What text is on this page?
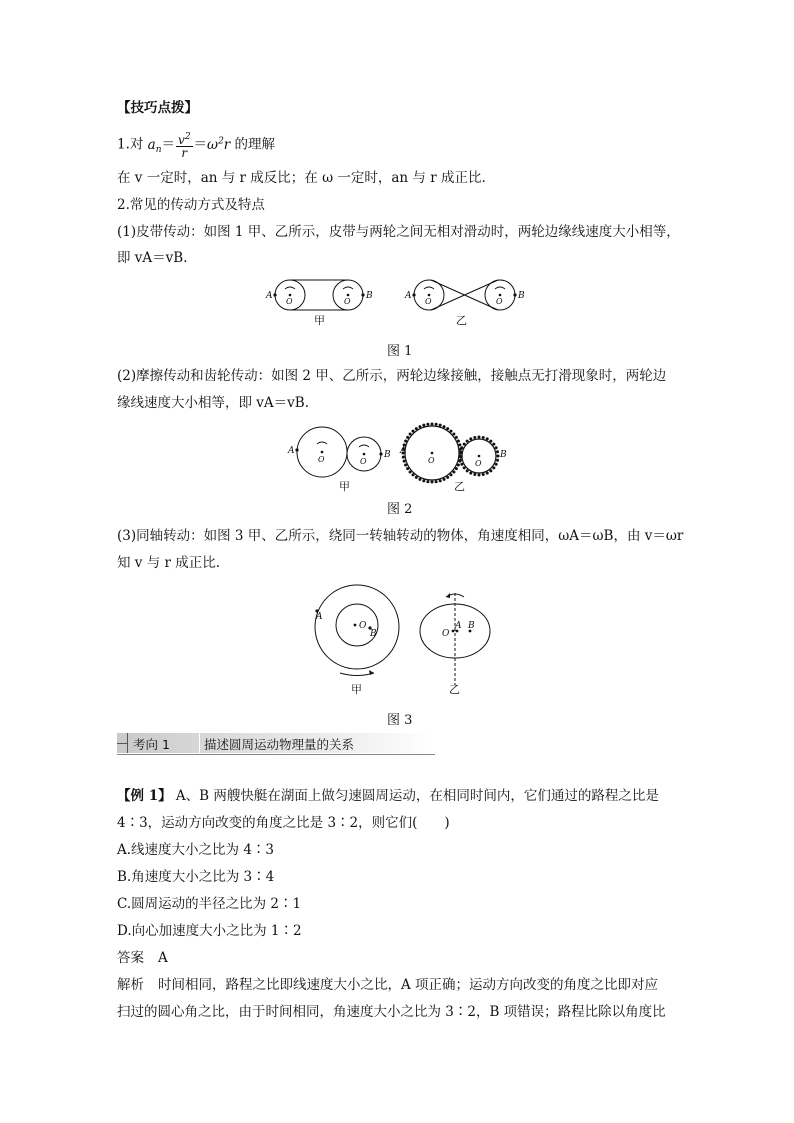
【技巧点拨】
1.对 $a_n= \frac{v^2}{r} =\omega^2r$ 的理解
在 v 一定时，an 与 r 成反比；在 ω 一定时，an 与 r 成正比.
2.常见的传动方式及特点
(1)皮带传动：如图 1 甲、乙所示，皮带与两轮之间无相对滑动时，两轮边缘线速度大小相等，
即 vA＝vB.
A	B	A	B
O	O	O	O
甲	乙
图 1
(2)摩擦传动和齿轮传动：如图 2 甲、乙所示，两轮边缘接触，接触点无打滑现象时，两轮边
缘线速度大小相等，即 vA＝vB.
A	B A	B
O	O	O	O
甲	乙
图 2
(3)同轴转动：如图 3 甲、乙所示，绕同一转轴转动的物体，角速度相同，ωA＝ωB，由 v＝ωr
知 v 与 r 成正比.
A
O
B	O
A B
甲	乙
图 3
考向 1	描述圆周运动物理量的关系
【例 1】 A、B 两艘快艇在湖面上做匀速圆周运动，在相同时间内，它们通过的路程之比是
4∶3，运动方向改变的角度之比是 3∶2，则它们(　　)
A.线速度大小之比为 4∶3
B.角速度大小之比为 3∶4
C.圆周运动的半径之比为 2∶1
D.向心加速度大小之比为 1∶2
答案 A
解析 时间相同，路程之比即线速度大小之比，A 项正确；运动方向改变的角度之比即对应
扫过的圆心角之比，由于时间相同，角速度大小之比为 3∶2，B 项错误；路程比除以角度比
